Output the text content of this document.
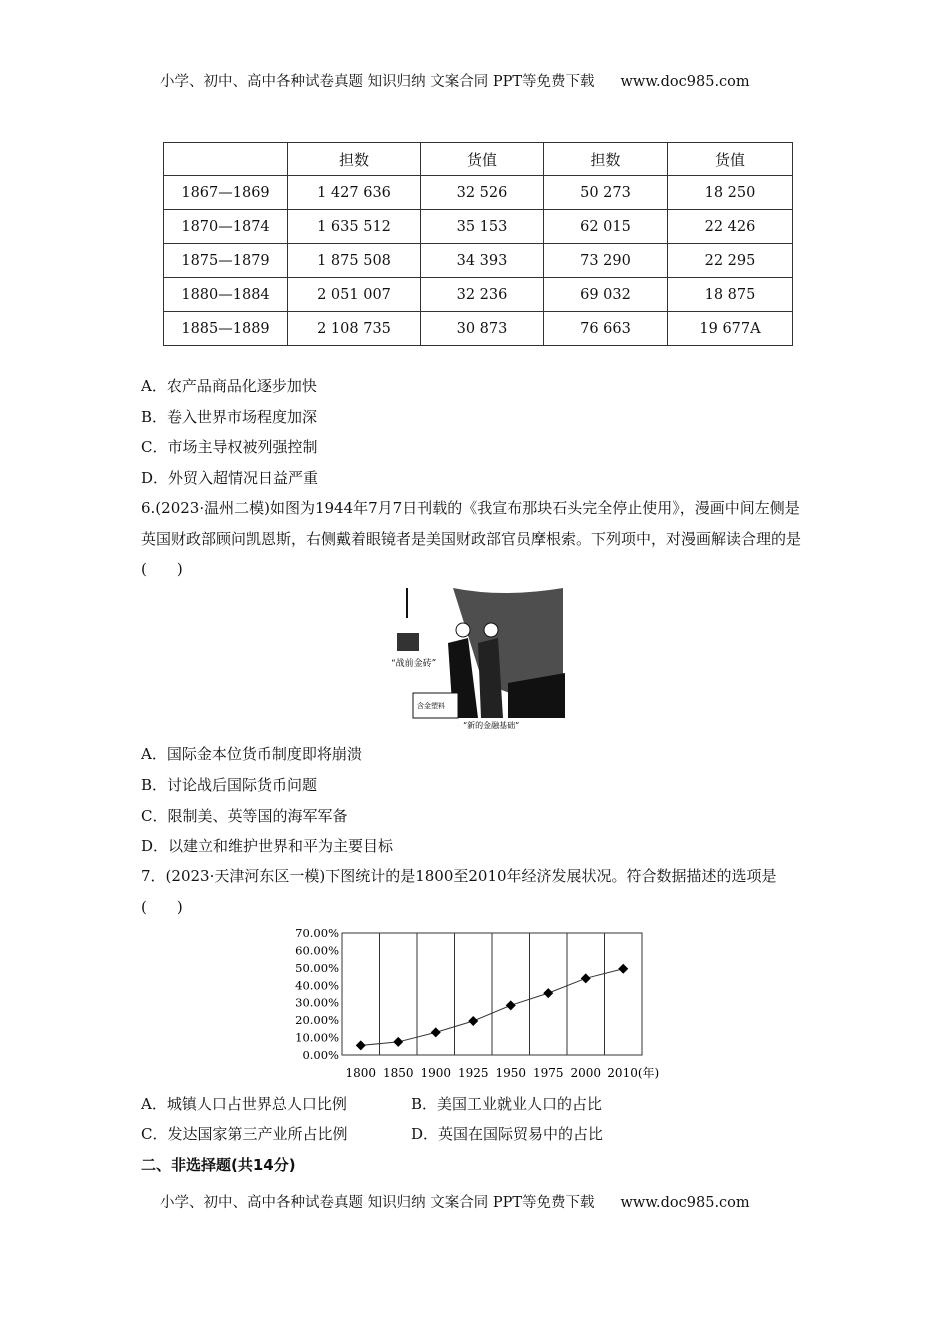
小学、初中、高中各种试卷真题 知识归纳 文案合同 PPT等免费下载 www.doc985.com
	担数	货值	担数	货值
1867—1869	1 427 636	32 526	50 273	18 250
1870—1874	1 635 512	35 153	62 015	22 426
1875—1879	1 875 508	34 393	73 290	22 295
1880—1884	2 051 007	32 236	69 032	18 875
1885—1889	2 108 735	30 873	76 663	19 677A
A．农产品商品化逐步加快
B．卷入世界市场程度加深
C．市场主导权被列强控制
D．外贸入超情况日益严重
6.(2023·温州二模)如图为1944年7月7日刊载的《我宣布那块石头完全停止使用》，漫画中间左侧是英国财政部顾问凯恩斯，右侧戴着眼镜者是美国财政部官员摩根索。下列项中，对漫画解读合理的是(　　)
“战前金砖”
含金塑料
“新的金融基础”
A．国际金本位货币制度即将崩溃
B．讨论战后国际货币问题
C．限制美、英等国的海军军备
D．以建立和维护世界和平为主要目标
7．(2023·天津河东区一模)下图统计的是1800至2010年经济发展状况。符合数据描述的选项是(　　)
0.00%
10.00%
20.00%
30.00%
40.00%
50.00%
60.00%
70.00%
1800 1850 1900 1925 1950 1975 2000 2010(年)
A．城镇人口占世界总人口比例	B．美国工业就业人口的占比
C．发达国家第三产业所占比例	D．英国在国际贸易中的占比
二、非选择题(共14分)
小学、初中、高中各种试卷真题 知识归纳 文案合同 PPT等免费下载 www.doc985.com
